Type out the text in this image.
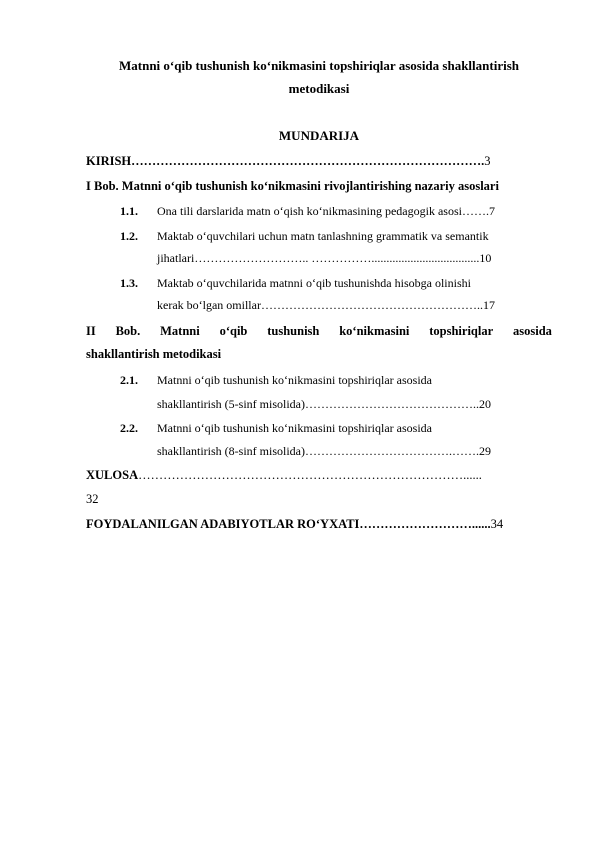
Matnni o‘qib tushunish ko‘nikmasini topshiriqlar asosida shakllantirish
metodikasi
MUNDARIJA
KIRISH………………………………………………………………………….3
I Bob. Matnni o‘qib tushunish ko‘nikmasini rivojlantirishing nazariy asoslari
1.1. Ona tili darslarida matn o‘qish ko‘nikmasining pedagogik asosi…….7
1.2. Maktab o‘quvchilari uchun matn tanlashning grammatik va semantik
jihatlari……………………….. ……………....................................10
1.3. Maktab o‘quvchilarida matnni o‘qib tushunishda hisobga olinishi
kerak bo‘lgan omillar………………………………………………..17
II Bob. Matnni o‘qib tushunish ko‘nikmasini topshiriqlar asosida
shakllantirish metodikasi
2.1. Matnni o‘qib tushunish ko‘nikmasini topshiriqlar asosida
shakllantirish (5-sinf misolida)……………………………………..20
2.2. Matnni o‘qib tushunish ko‘nikmasini topshiriqlar asosida
shakllantirish (8-sinf misolida)……………………………….…….29
XULOSA……………………………………………………………………......
32
FOYDALANILGAN ADABIYOTLAR RO‘YXATI………………………......34
